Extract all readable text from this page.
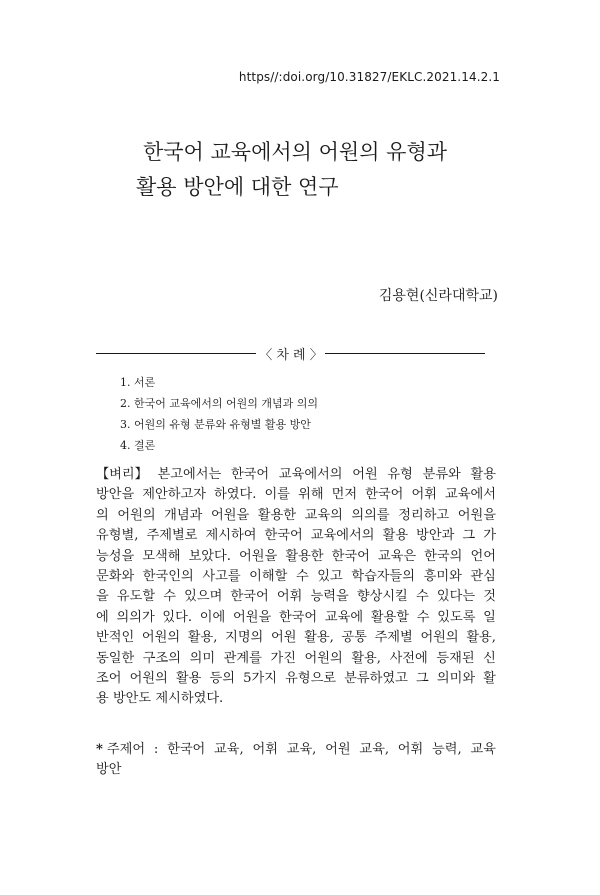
https//:doi.org/10.31827/EKLC.2021.14.2.1
한국어 교육에서의 어원의 유형과
활용 방안에 대한 연구
김용현(신라대학교)
〈 차 례 〉
1. 서론
2. 한국어 교육에서의 어원의 개념과 의의
3. 어원의 유형 분류와 유형별 활용 방안
4. 결론
【벼리】 본고에서는 한국어 교육에서의 어원 유형 분류와 활용
방안을 제안하고자 하였다. 이를 위해 먼저 한국어 어휘 교육에서
의 어원의 개념과 어원을 활용한 교육의 의의를 정리하고 어원을
유형별, 주제별로 제시하여 한국어 교육에서의 활용 방안과 그 가
능성을 모색해 보았다. 어원을 활용한 한국어 교육은 한국의 언어
문화와 한국인의 사고를 이해할 수 있고 학습자들의 흥미와 관심
을 유도할 수 있으며 한국어 어휘 능력을 향상시킬 수 있다는 것
에 의의가 있다. 이에 어원을 한국어 교육에 활용할 수 있도록 일
반적인 어원의 활용, 지명의 어원 활용, 공통 주제별 어원의 활용,
동일한 구조의 의미 관계를 가진 어원의 활용, 사전에 등재된 신
조어 어원의 활용 등의 5가지 유형으로 분류하였고 그 의미와 활
용 방안도 제시하였다.
* 주제어 : 한국어 교육, 어휘 교육, 어원 교육, 어휘 능력, 교육
방안
